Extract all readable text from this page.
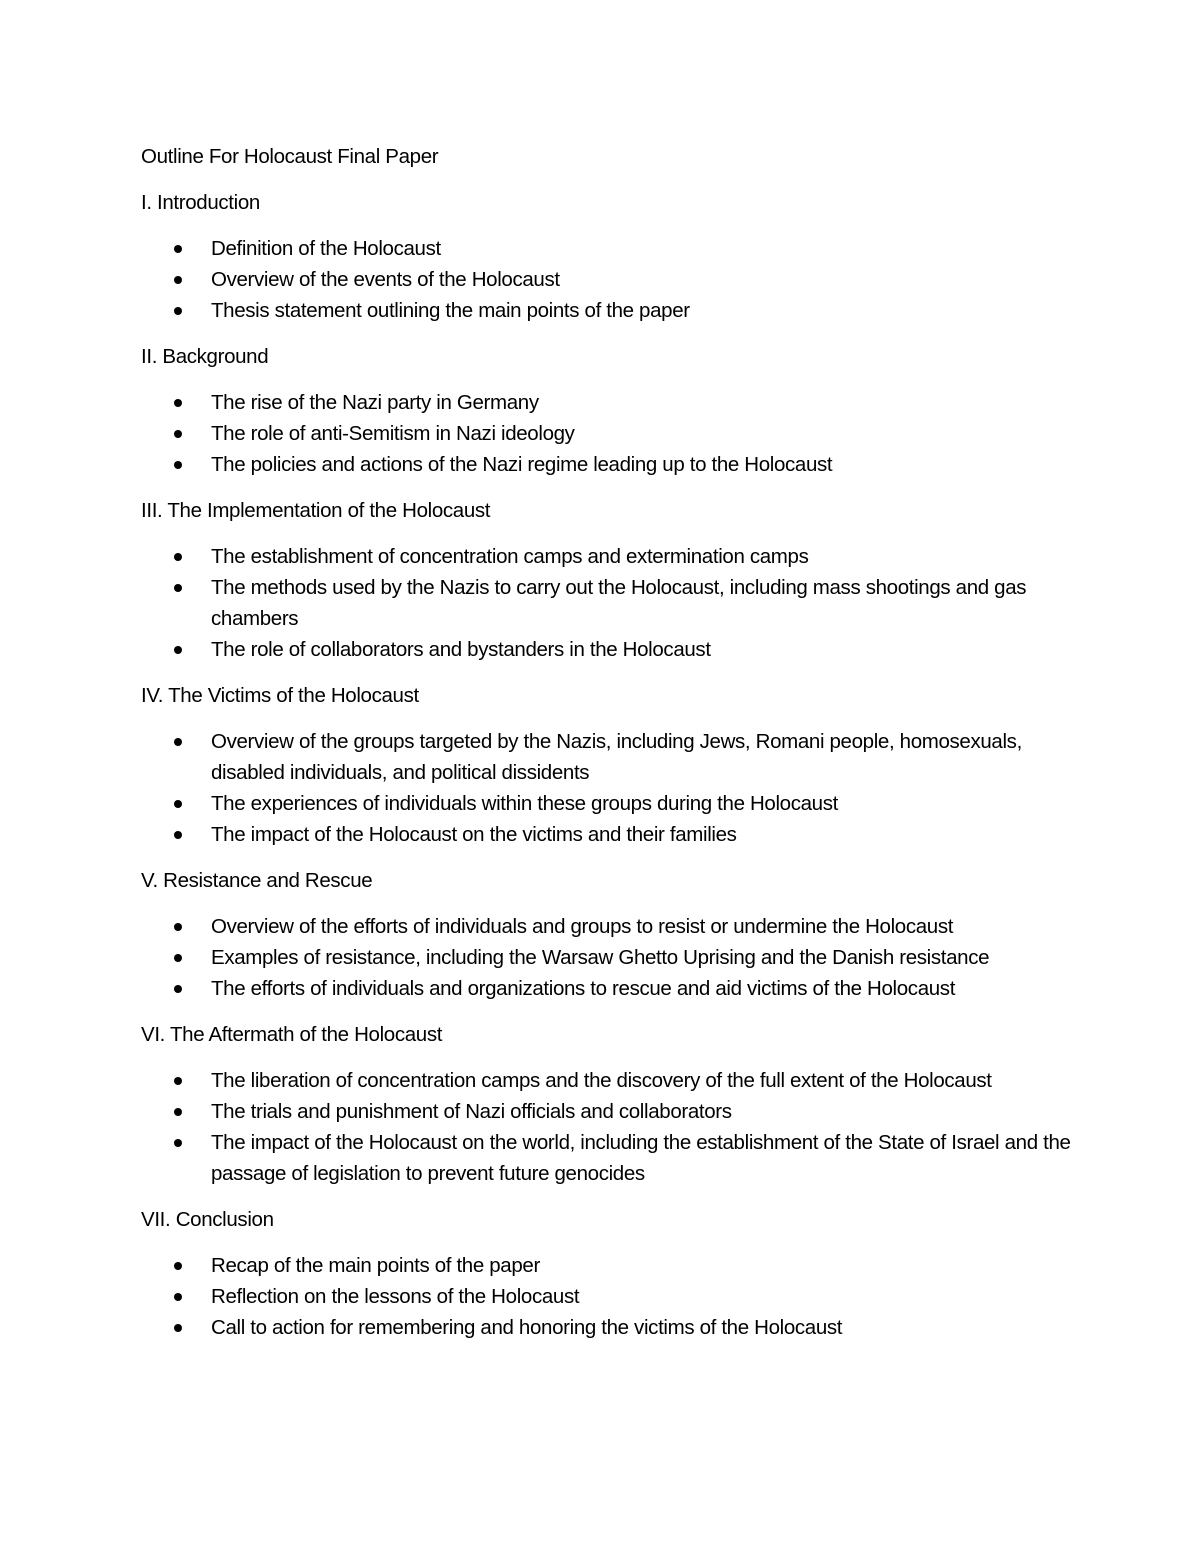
Outline For Holocaust Final Paper

I. Introduction

Definition of the Holocaust
Overview of the events of the Holocaust
Thesis statement outlining the main points of the paper

II. Background

The rise of the Nazi party in Germany
The role of anti-Semitism in Nazi ideology
The policies and actions of the Nazi regime leading up to the Holocaust

III. The Implementation of the Holocaust

The establishment of concentration camps and extermination camps
The methods used by the Nazis to carry out the Holocaust, including mass shootings and gas chambers
The role of collaborators and bystanders in the Holocaust

IV. The Victims of the Holocaust

Overview of the groups targeted by the Nazis, including Jews, Romani people, homosexuals, disabled individuals, and political dissidents
The experiences of individuals within these groups during the Holocaust
The impact of the Holocaust on the victims and their families

V. Resistance and Rescue

Overview of the efforts of individuals and groups to resist or undermine the Holocaust
Examples of resistance, including the Warsaw Ghetto Uprising and the Danish resistance
The efforts of individuals and organizations to rescue and aid victims of the Holocaust

VI. The Aftermath of the Holocaust

The liberation of concentration camps and the discovery of the full extent of the Holocaust
The trials and punishment of Nazi officials and collaborators
The impact of the Holocaust on the world, including the establishment of the State of Israel and the passage of legislation to prevent future genocides

VII. Conclusion

Recap of the main points of the paper
Reflection on the lessons of the Holocaust
Call to action for remembering and honoring the victims of the Holocaust
